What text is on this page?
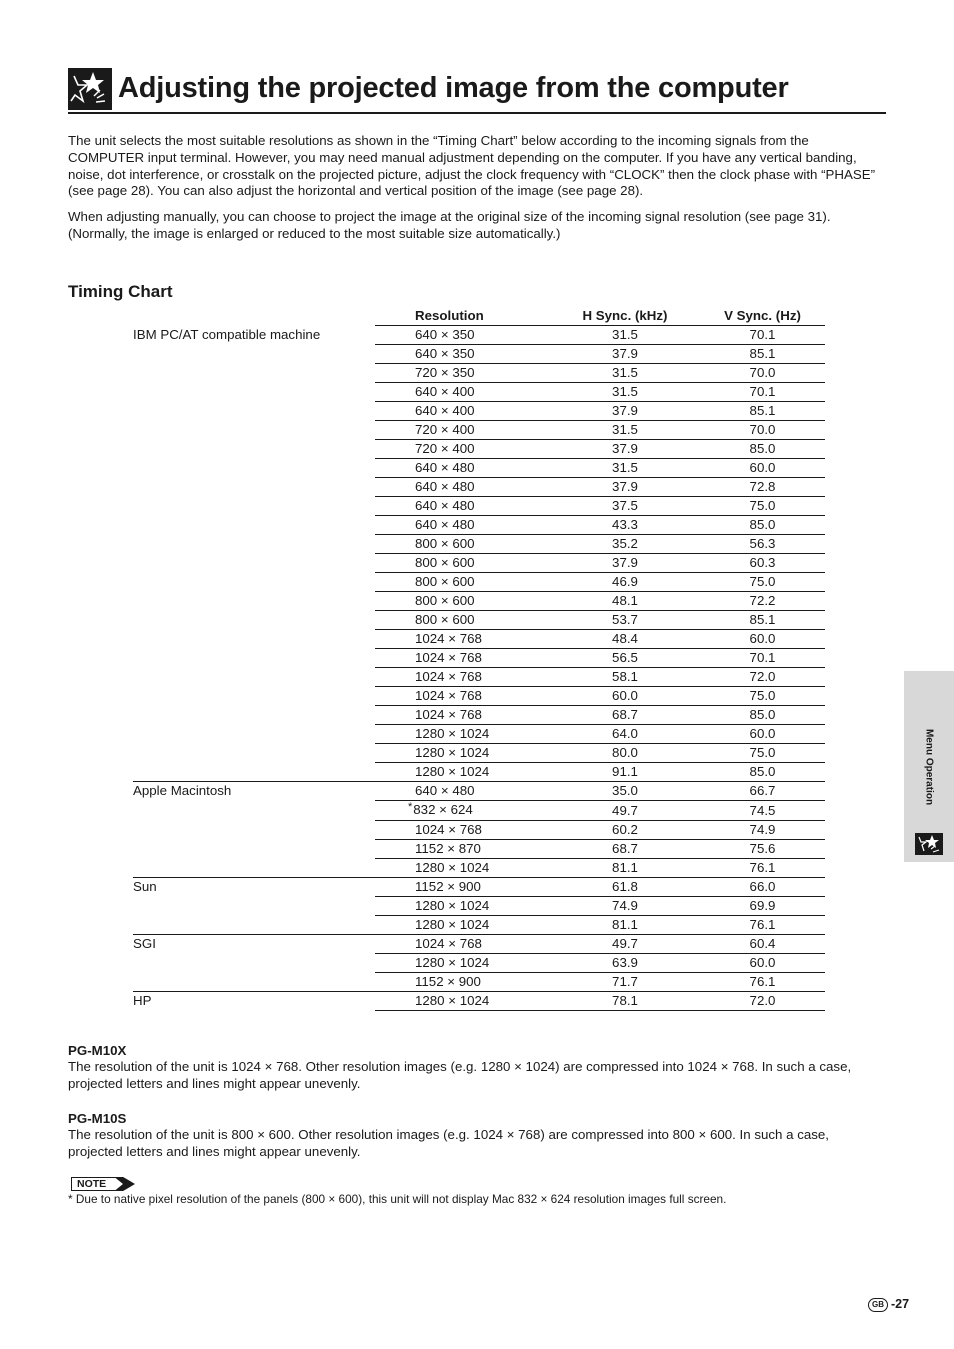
Adjusting the projected image from the computer

The unit selects the most suitable resolutions as shown in the “Timing Chart” below according to the incoming signals from the COMPUTER input terminal. However, you may need manual adjustment depending on the computer. If you have any vertical banding, noise, dot interference, or crosstalk on the projected picture, adjust the clock frequency with “CLOCK” then the clock phase with “PHASE” (see page 28). You can also adjust the horizontal and vertical position of the image (see page 28).

When adjusting manually, you can choose to project the image at the original size of the incoming signal resolution (see page 31). (Normally, the image is enlarged or reduced to the most suitable size automatically.)

Timing Chart
	Resolution	H Sync. (kHz)	V Sync. (Hz)
IBM PC/AT compatible machine	640 × 350	31.5	70.1
	640 × 350	37.9	85.1
	720 × 350	31.5	70.0
	640 × 400	31.5	70.1
	640 × 400	37.9	85.1
	720 × 400	31.5	70.0
	720 × 400	37.9	85.0
	640 × 480	31.5	60.0
	640 × 480	37.9	72.8
	640 × 480	37.5	75.0
	640 × 480	43.3	85.0
	800 × 600	35.2	56.3
	800 × 600	37.9	60.3
	800 × 600	46.9	75.0
	800 × 600	48.1	72.2
	800 × 600	53.7	85.1
	1024 × 768	48.4	60.0
	1024 × 768	56.5	70.1
	1024 × 768	58.1	72.0
	1024 × 768	60.0	75.0
	1024 × 768	68.7	85.0
	1280 × 1024	64.0	60.0
	1280 × 1024	80.0	75.0
	1280 × 1024	91.1	85.0
Apple Macintosh	640 × 480	35.0	66.7
	*832 × 624	49.7	74.5
	1024 × 768	60.2	74.9
	1152 × 870	68.7	75.6
	1280 × 1024	81.1	76.1
Sun	1152 × 900	61.8	66.0
	1280 × 1024	74.9	69.9
	1280 × 1024	81.1	76.1
SGI	1024 × 768	49.7	60.4
	1280 × 1024	63.9	60.0
	1152 × 900	71.7	76.1
HP	1280 × 1024	78.1	72.0
PG-M10X
The resolution of the unit is 1024 × 768. Other resolution images (e.g. 1280 × 1024) are compressed into 1024 × 768. In such a case, projected letters and lines might appear unevenly.
PG-M10S
The resolution of the unit is 800 × 600. Other resolution images (e.g. 1024 × 768) are compressed into 800 × 600. In such a case, projected letters and lines might appear unevenly.
NOTE
* Due to native pixel resolution of the panels (800 × 600), this unit will not display Mac 832 × 624 resolution images full screen.
Menu Operation
GB -27
